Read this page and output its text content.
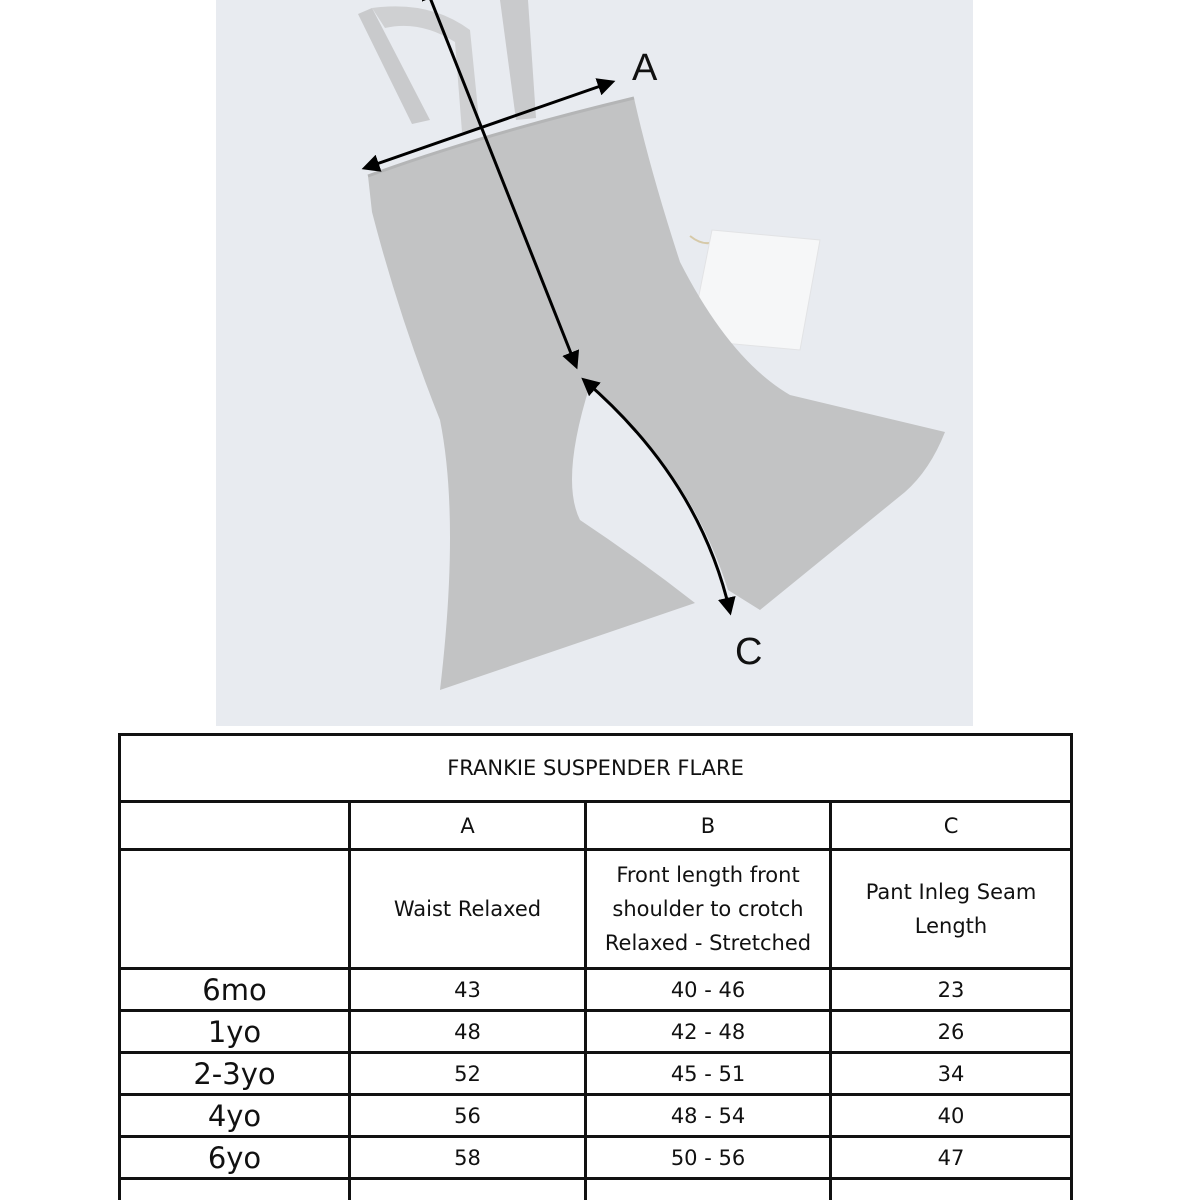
A
C
FRANKIE SUSPENDER FLARE			
	A	B	C
	Waist Relaxed	Front length front shoulder to crotch Relaxed - Stretched	Pant Inleg Seam Length
6mo	43	40 - 46	23
1yo	48	42 - 48	26
2-3yo	52	45 - 51	34
4yo	56	48 - 54	40
6yo	58	50 - 56	47
